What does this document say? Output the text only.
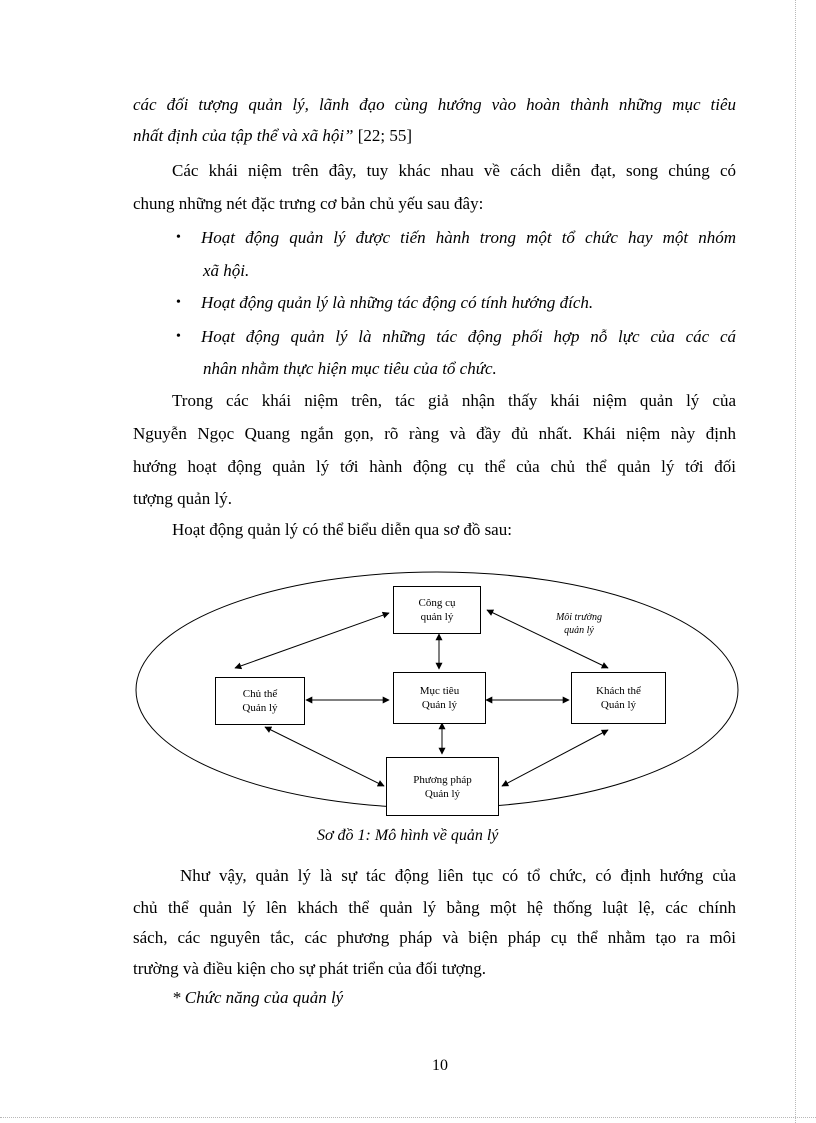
các đối tượng quản lý, lãnh đạo cùng hướng vào hoàn thành những mục tiêu
nhất định của tập thể và xã hội” [22; 55]
Các khái niệm trên đây, tuy khác nhau về cách diễn đạt, song chúng có
chung những nét đặc trưng cơ bản chủ yếu sau đây:
• Hoạt động quản lý được tiến hành trong một tổ chức hay một nhóm
xã hội.
• Hoạt động quản lý là những tác động có tính hướng đích.
• Hoạt động quản lý là những tác động phối hợp nỗ lực của các cá
nhân nhằm thực hiện mục tiêu của tổ chức.
Trong các khái niệm trên, tác giả nhận thấy khái niệm quản lý của
Nguyễn Ngọc Quang ngắn gọn, rõ ràng và đầy đủ nhất. Khái niệm này định
hướng hoạt động quản lý tới hành động cụ thể của chủ thể quản lý tới đối
tượng quản lý.
Hoạt động quản lý có thể biểu diễn qua sơ đồ sau:
Công cụ
quản lý
Mục tiêu
Quản lý
Chủ thể
Quản lý
Khách thể
Quản lý
Phương pháp
Quản lý
Môi trường
quản lý
Sơ đồ 1: Mô hình về quản lý
Như vậy, quản lý là sự tác động liên tục có tổ chức, có định hướng của
chủ thể quản lý lên khách thể quản lý bằng một hệ thống luật lệ, các chính
sách, các nguyên tắc, các phương pháp và biện pháp cụ thể nhằm tạo ra môi
trường và điều kiện cho sự phát triển của đối tượng.
* Chức năng của quản lý
10
